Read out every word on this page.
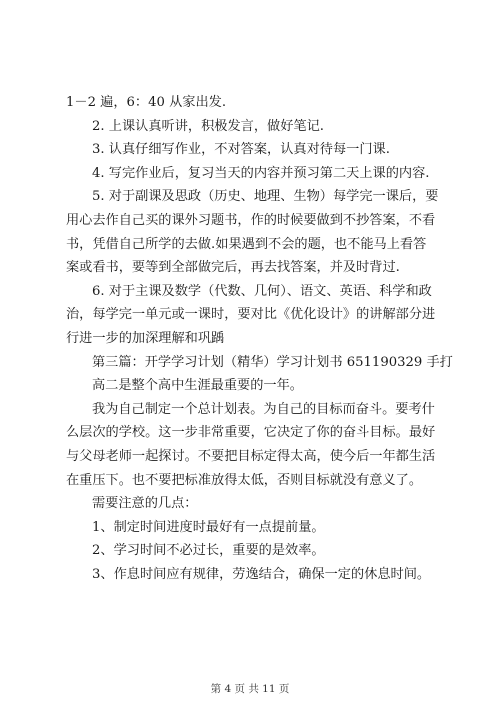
1－2 遍，6：40 从家出发.
2. 上课认真听讲，积极发言，做好笔记.
3. 认真仔细写作业，不对答案，认真对待每一门课.
4. 写完作业后，复习当天的内容并预习第二天上课的内容.
5. 对于副课及思政（历史、地理、生物）每学完一课后，要
用心去作自己买的课外习题书，作的时候要做到不抄答案，不看
书，凭借自己所学的去做.如果遇到不会的题，也不能马上看答
案或看书，要等到全部做完后，再去找答案，并及时背过.
6. 对于主课及数学（代数、几何）、语文、英语、科学和政
治，每学完一单元或一课时，要对比《优化设计》的讲解部分进
行进一步的加深理解和巩踽
第三篇：开学学习计划（精华）学习计划书 651190329 手打
高二是整个高中生涯最重要的一年。
我为自己制定一个总计划表。为自己的目标而奋斗。要考什
么层次的学校。这一步非常重要，它决定了你的奋斗目标。最好
与父母老师一起探讨。不要把目标定得太高，使今后一年都生活
在重压下。也不要把标准放得太低，否则目标就没有意义了。
需要注意的几点：
1、制定时间进度时最好有一点提前量。
2、学习时间不必过长，重要的是效率。
3、作息时间应有规律，劳逸结合，确保一定的休息时间。
第 4 页 共 11 页
